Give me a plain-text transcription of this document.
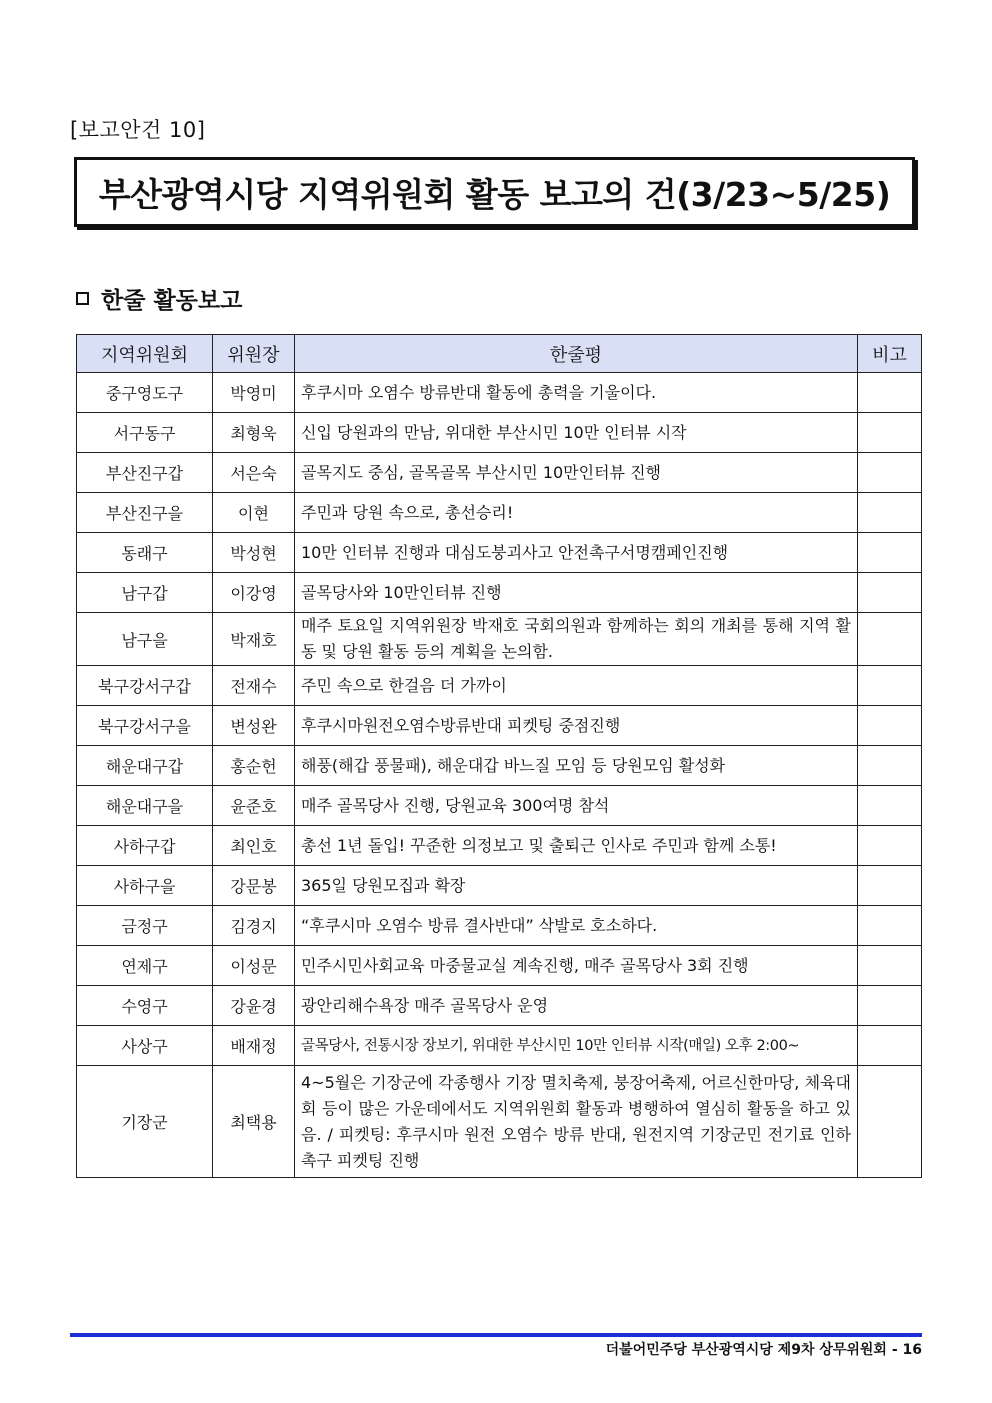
[보고안건 10]
부산광역시당 지역위원회 활동 보고의 건(3/23~5/25)
한줄 활동보고
지역위원회	위원장	한줄평	비고
중구영도구	박영미	후쿠시마 오염수 방류반대 활동에 총력을 기울이다.	
서구동구	최형욱	신입 당원과의 만남, 위대한 부산시민 10만 인터뷰 시작	
부산진구갑	서은숙	골목지도 중심, 골목골목 부산시민 10만인터뷰 진행	
부산진구을	이현	주민과 당원 속으로, 총선승리!	
동래구	박성현	10만 인터뷰 진행과 대심도붕괴사고 안전촉구서명캠페인진행	
남구갑	이강영	골목당사와 10만인터뷰 진행	
남구을	박재호	매주 토요일 지역위원장 박재호 국회의원과 함께하는 회의 개최를 통해 지역 활동 및 당원 활동 등의 계획을 논의함.	
북구강서구갑	전재수	주민 속으로 한걸음 더 가까이	
북구강서구을	변성완	후쿠시마원전오염수방류반대 피켓팅 중점진행	
해운대구갑	홍순헌	해풍(해갑 풍물패), 해운대갑 바느질 모임 등 당원모임 활성화	
해운대구을	윤준호	매주 골목당사 진행, 당원교육 300여명 참석	
사하구갑	최인호	총선 1년 돌입! 꾸준한 의정보고 및 출퇴근 인사로 주민과 함께 소통!	
사하구을	강문봉	365일 당원모집과 확장	
금정구	김경지	“후쿠시마 오염수 방류 결사반대” 삭발로 호소하다.	
연제구	이성문	민주시민사회교육 마중물교실 계속진행, 매주 골목당사 3회 진행	
수영구	강윤경	광안리해수욕장 매주 골목당사 운영	
사상구	배재정	골목당사, 전통시장 장보기, 위대한 부산시민 10만 인터뷰 시작(매일) 오후 2:00~	
기장군	최택용	4~5월은 기장군에 각종행사 기장 멸치축제, 붕장어축제, 어르신한마당, 체육대회 등이 많은 가운데에서도 지역위원회 활동과 병행하여 열심히 활동을 하고 있음. / 피켓팅: 후쿠시마 원전 오염수 방류 반대, 원전지역 기장군민 전기료 인하 촉구 피켓팅 진행	
더불어민주당 부산광역시당 제9차 상무위원회 - 16
